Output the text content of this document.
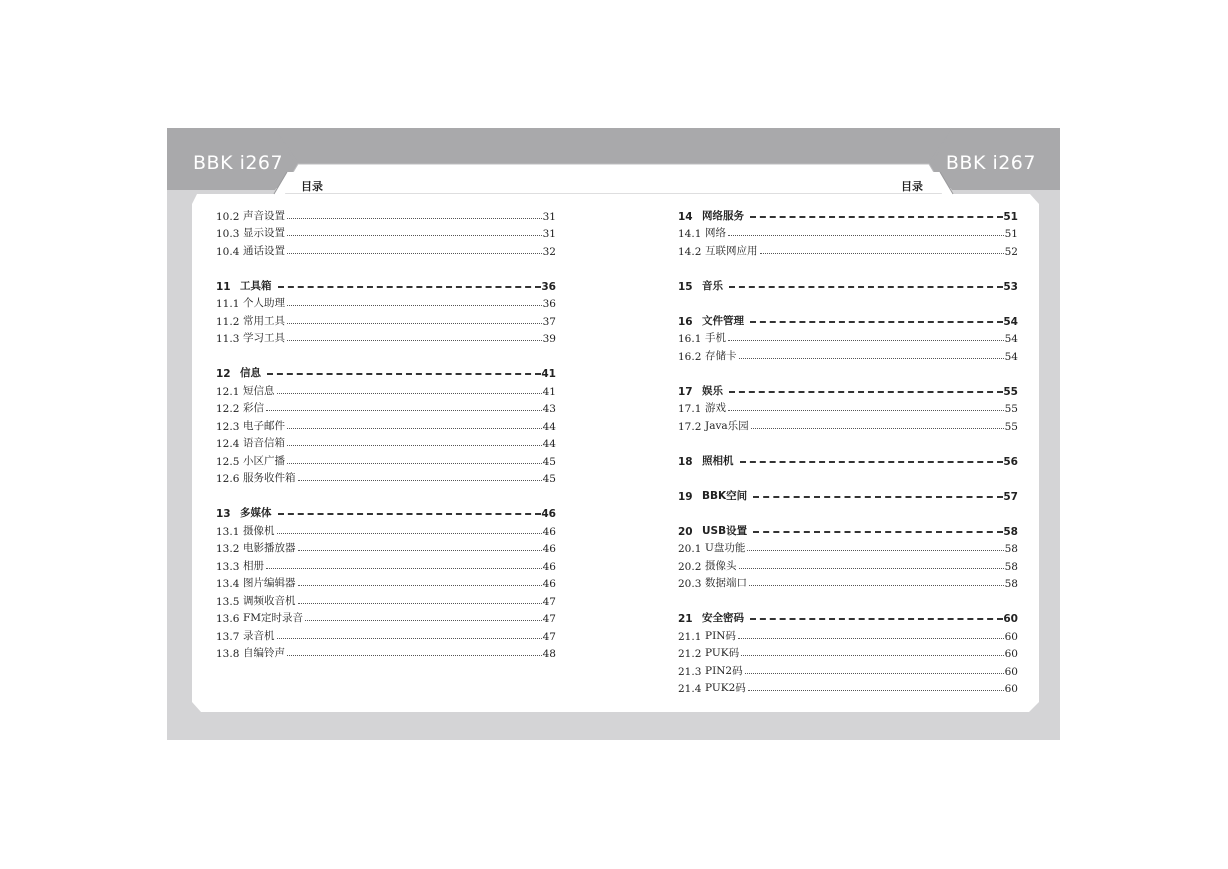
BBK i267	BBK i267
目录	目录
10.2 声音设置	31
10.3 显示设置	31
10.4 通话设置	32
11 工具箱	36
11.1 个人助理	36
11.2 常用工具	37
11.3 学习工具	39
12 信息	41
12.1 短信息	41
12.2 彩信	43
12.3 电子邮件	44
12.4 语音信箱	44
12.5 小区广播	45
12.6 服务收件箱	45
13 多媒体	46
13.1 摄像机	46
13.2 电影播放器	46
13.3 相册	46
13.4 图片编辑器	46
13.5 调频收音机	47
13.6 FM定时录音	47
13.7 录音机	47
13.8 自编铃声	48
14 网络服务	51
14.1 网络	51
14.2 互联网应用	52
15 音乐	53
16 文件管理	54
16.1 手机	54
16.2 存储卡	54
17 娱乐	55
17.1 游戏	55
17.2 Java乐园	55
18 照相机	56
19 BBK空间	57
20 USB设置	58
20.1 U盘功能	58
20.2 摄像头	58
20.3 数据端口	58
21 安全密码	60
21.1 PIN码	60
21.2 PUK码	60
21.3 PIN2码	60
21.4 PUK2码	60
